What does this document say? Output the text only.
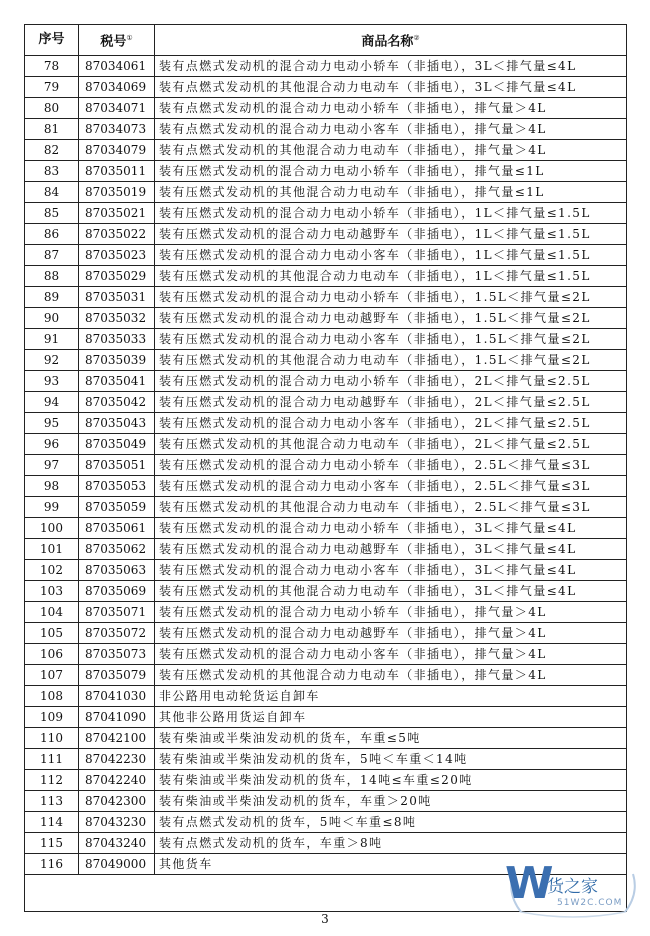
序号	税号①	商品名称②
78	87034061	装有点燃式发动机的混合动力电动小轿车（非插电），3L＜排气量≤4L
79	87034069	装有点燃式发动机的其他混合动力电动车（非插电），3L＜排气量≤4L
80	87034071	装有点燃式发动机的混合动力电动小轿车（非插电），排气量＞4L
81	87034073	装有点燃式发动机的混合动力电动小客车（非插电），排气量＞4L
82	87034079	装有点燃式发动机的其他混合动力电动车（非插电），排气量＞4L
83	87035011	装有压燃式发动机的混合动力电动小轿车（非插电），排气量≤1L
84	87035019	装有压燃式发动机的其他混合动力电动车（非插电），排气量≤1L
85	87035021	装有压燃式发动机的混合动力电动小轿车（非插电），1L＜排气量≤1.5L
86	87035022	装有压燃式发动机的混合动力电动越野车（非插电），1L＜排气量≤1.5L
87	87035023	装有压燃式发动机的混合动力电动小客车（非插电），1L＜排气量≤1.5L
88	87035029	装有压燃式发动机的其他混合动力电动车（非插电），1L＜排气量≤1.5L
89	87035031	装有压燃式发动机的混合动力电动小轿车（非插电），1.5L＜排气量≤2L
90	87035032	装有压燃式发动机的混合动力电动越野车（非插电），1.5L＜排气量≤2L
91	87035033	装有压燃式发动机的混合动力电动小客车（非插电），1.5L＜排气量≤2L
92	87035039	装有压燃式发动机的其他混合动力电动车（非插电），1.5L＜排气量≤2L
93	87035041	装有压燃式发动机的混合动力电动小轿车（非插电），2L＜排气量≤2.5L
94	87035042	装有压燃式发动机的混合动力电动越野车（非插电），2L＜排气量≤2.5L
95	87035043	装有压燃式发动机的混合动力电动小客车（非插电），2L＜排气量≤2.5L
96	87035049	装有压燃式发动机的其他混合动力电动车（非插电），2L＜排气量≤2.5L
97	87035051	装有压燃式发动机的混合动力电动小轿车（非插电），2.5L＜排气量≤3L
98	87035053	装有压燃式发动机的混合动力电动小客车（非插电），2.5L＜排气量≤3L
99	87035059	装有压燃式发动机的其他混合动力电动车（非插电），2.5L＜排气量≤3L
100	87035061	装有压燃式发动机的混合动力电动小轿车（非插电），3L＜排气量≤4L
101	87035062	装有压燃式发动机的混合动力电动越野车（非插电），3L＜排气量≤4L
102	87035063	装有压燃式发动机的混合动力电动小客车（非插电），3L＜排气量≤4L
103	87035069	装有压燃式发动机的其他混合动力电动车（非插电），3L＜排气量≤4L
104	87035071	装有压燃式发动机的混合动力电动小轿车（非插电），排气量＞4L
105	87035072	装有压燃式发动机的混合动力电动越野车（非插电），排气量＞4L
106	87035073	装有压燃式发动机的混合动力电动小客车（非插电），排气量＞4L
107	87035079	装有压燃式发动机的其他混合动力电动车（非插电），排气量＞4L
108	87041030	非公路用电动轮货运自卸车
109	87041090	其他非公路用货运自卸车
110	87042100	装有柴油或半柴油发动机的货车，车重≤5吨
111	87042230	装有柴油或半柴油发动机的货车，5吨＜车重＜14吨
112	87042240	装有柴油或半柴油发动机的货车，14吨≤车重≤20吨
113	87042300	装有柴油或半柴油发动机的货车，车重＞20吨
114	87043230	装有点燃式发动机的货车，5吨＜车重≤8吨
115	87043240	装有点燃式发动机的货车，车重＞8吨
116	87049000	其他货车

3
W
货之家
51W2C.COM
